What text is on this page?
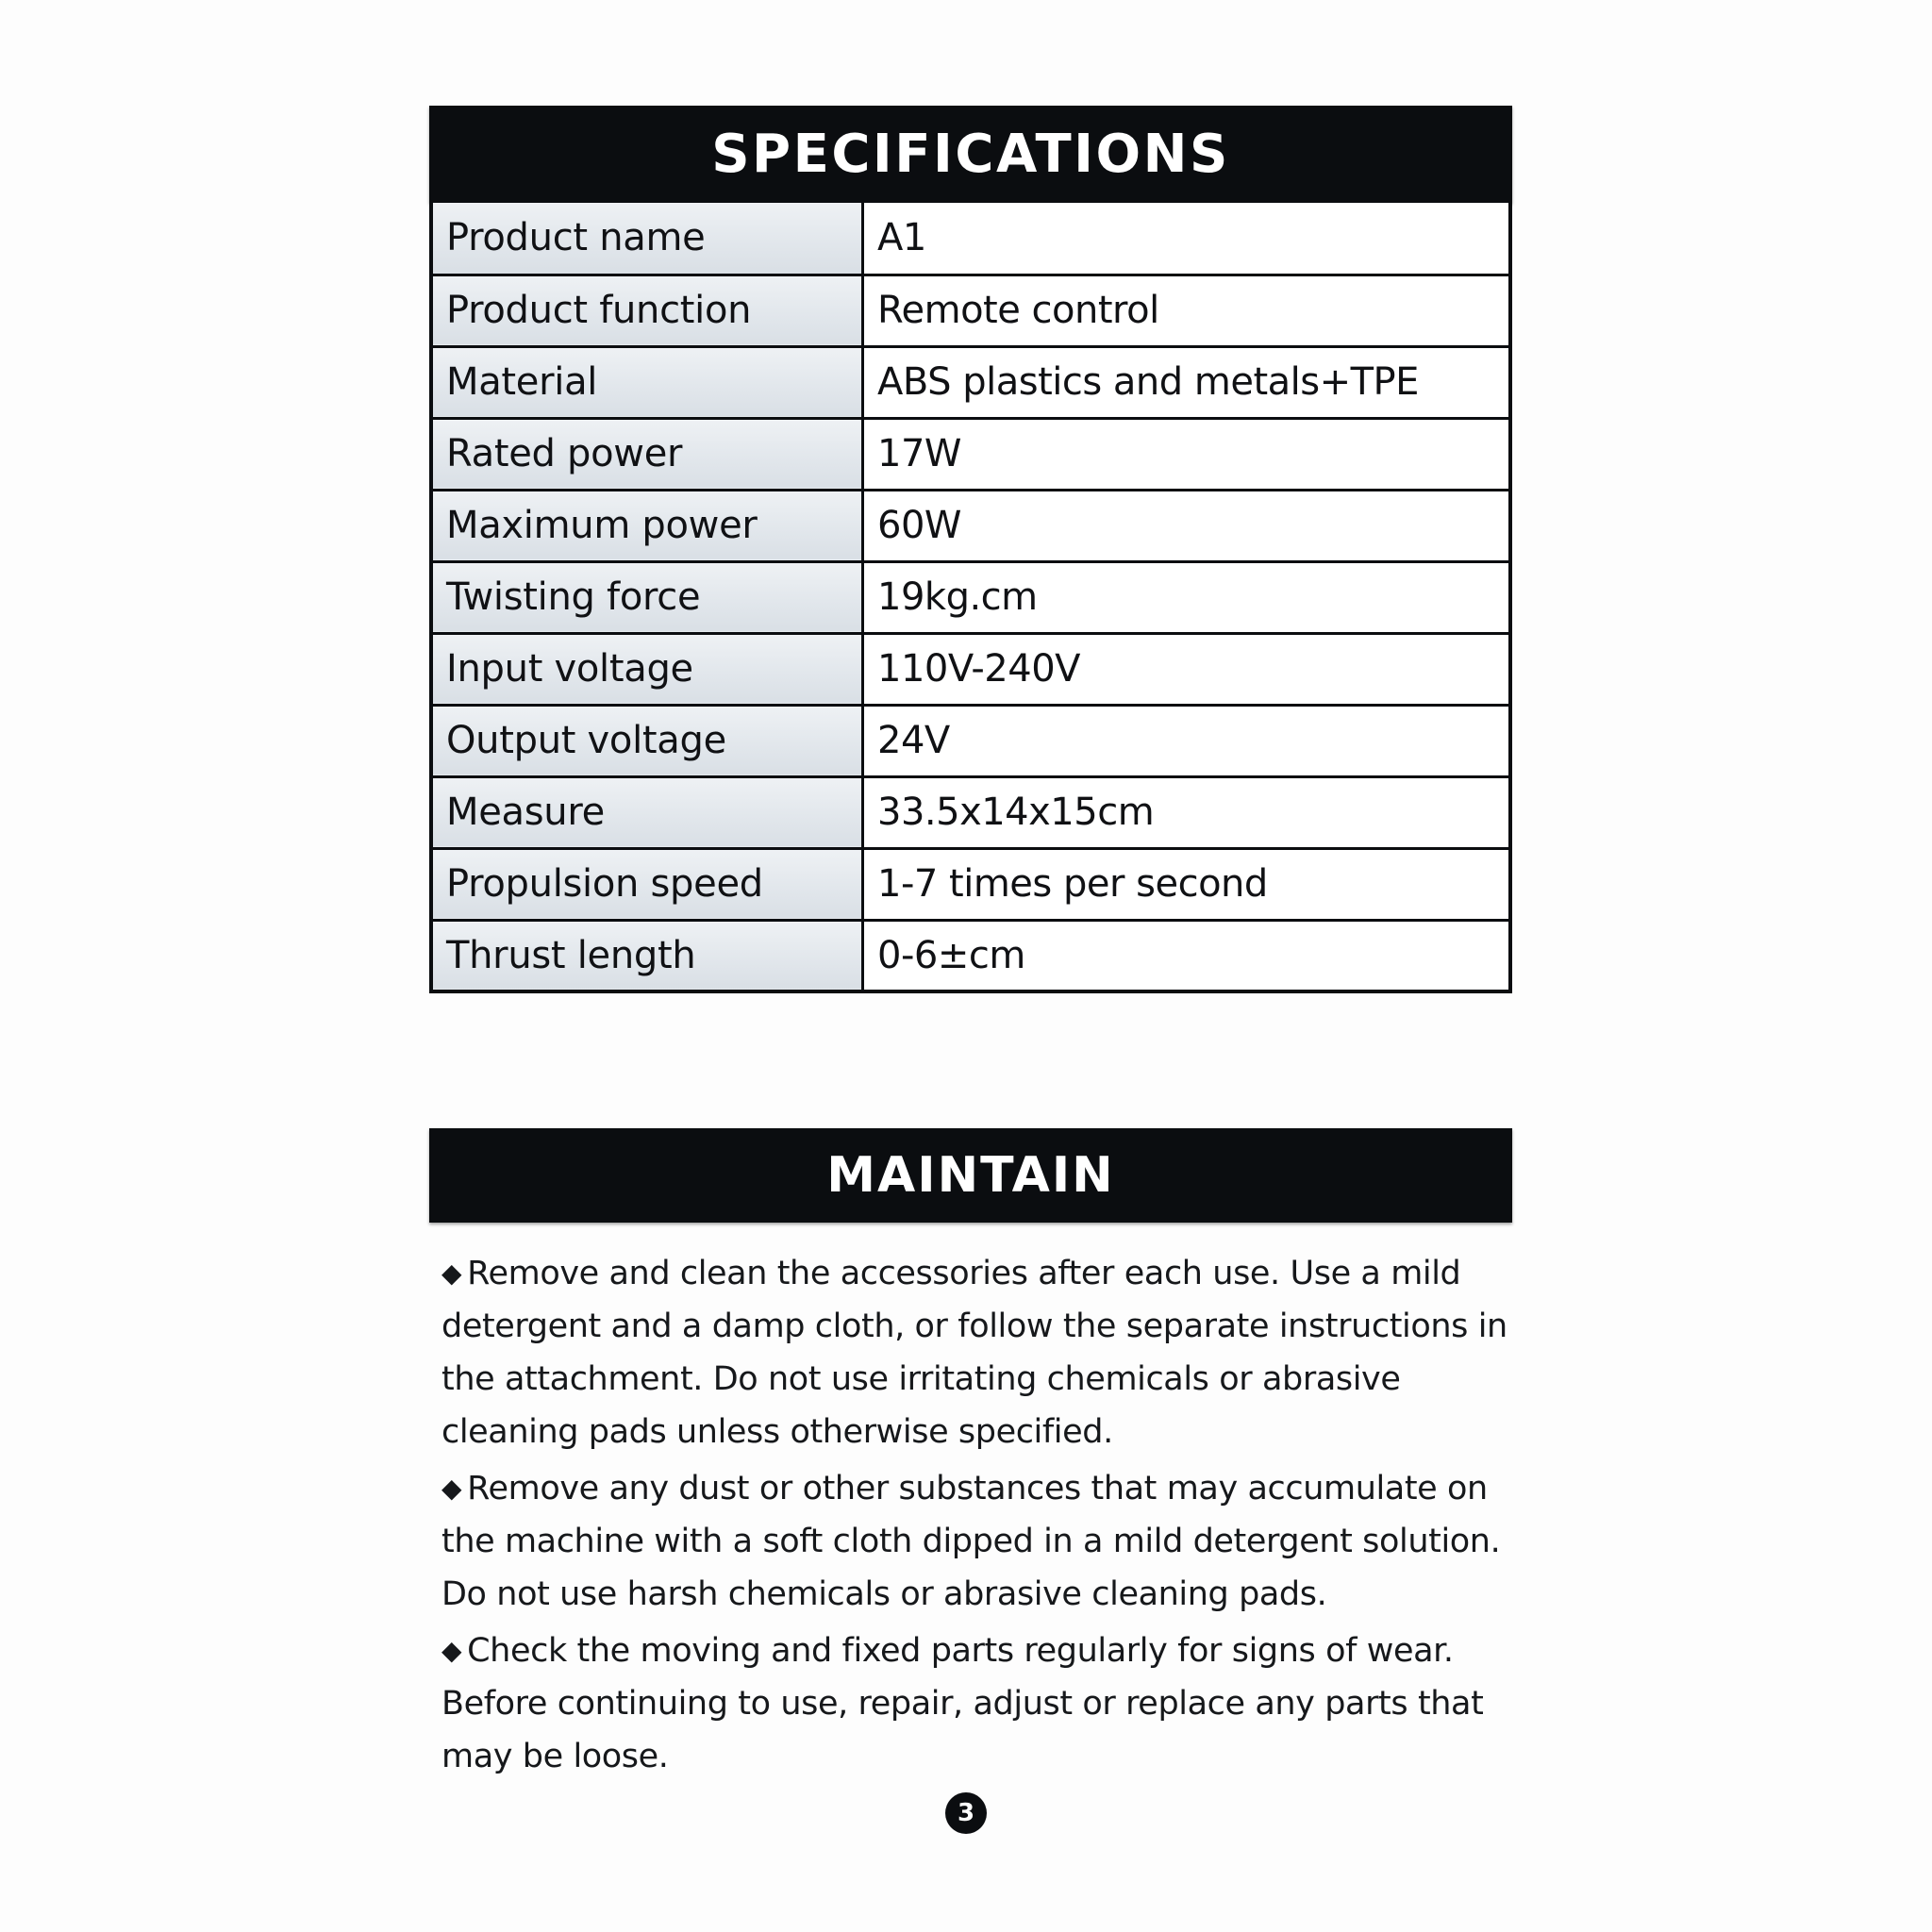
SPECIFICATIONS
Product name	A1
Product function	Remote control
Material	ABS plastics and metals+TPE
Rated power	17W
Maximum power	60W
Twisting force	19kg.cm
Input voltage	110V-240V
Output voltage	24V
Measure	33.5x14x15cm
Propulsion speed	1-7 times per second
Thrust length	0-6±cm
MAINTAIN

◆ Remove and clean the accessories after each use. Use a mild detergent and a damp cloth, or follow the separate instructions in the attachment. Do not use irritating chemicals or abrasive cleaning pads unless otherwise specified.

◆ Remove any dust or other substances that may accumulate on the machine with a soft cloth dipped in a mild detergent solution. Do not use harsh chemicals or abrasive cleaning pads.

◆ Check the moving and fixed parts regularly for signs of wear. Before continuing to use, repair, adjust or replace any parts that may be loose.

3
